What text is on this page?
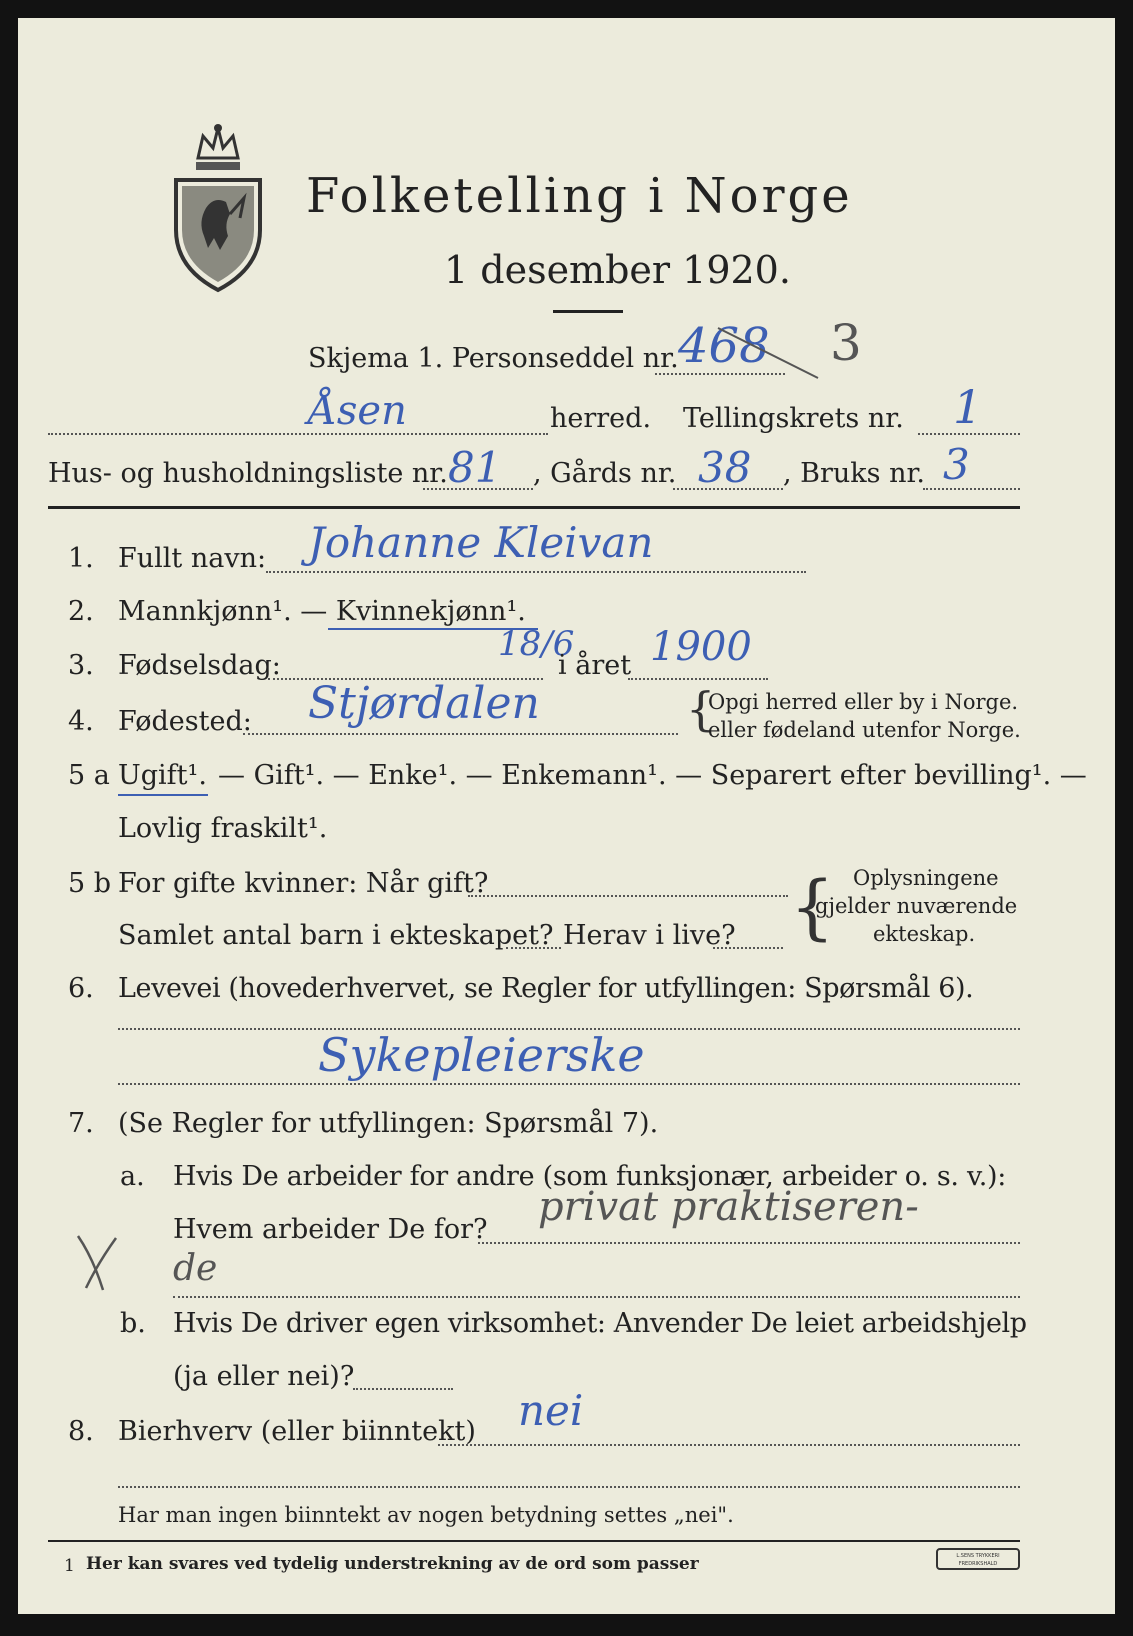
Folketelling i Norge
1 desember 1920.
Skjema 1. Personseddel nr. 468 3
Åsen	herred. Tellingskrets nr. 1
Hus- og husholdningsliste nr. 81 , Gårds nr. 38 , Bruks nr. 3
1. Fullt navn: Johanne Kleivan
2. Mannkjønn¹. — Kvinnekjønn¹.
3. Fødselsdag:
18/6
i året 1900
4. Fødested: Stjørdalen	{
Opgi herred eller by i Norge.
eller fødeland utenfor Norge.
5 a Ugift¹. — Gift¹. — Enke¹. — Enkemann¹. — Separert efter bevilling¹. —
Lovlig fraskilt¹.
5 b For gifte kvinner: Når gift?
Samlet antal barn i ekteskapet? Herav i live? { Oplysningene
gjelder nuværende
ekteskap.
6. Levevei (hovederhvervet, se Regler for utfyllingen: Spørsmål 6).
Sykepleierske
7. (Se Regler for utfyllingen: Spørsmål 7).
a. Hvis De arbeider for andre (som funksjonær, arbeider o. s. v.):
Hvem arbeider De for? privat praktiseren-
de
b. Hvis De driver egen virksomhet: Anvender De leiet arbeidshjelp
(ja eller nei)?
8. Bierhverv (eller biinntekt) nei
Har man ingen biinntekt av nogen betydning settes „nei".
1 Her kan svares ved tydelig understrekning av de ord som passer	L.SENS TRYKKERI FREDRIKSHALD
